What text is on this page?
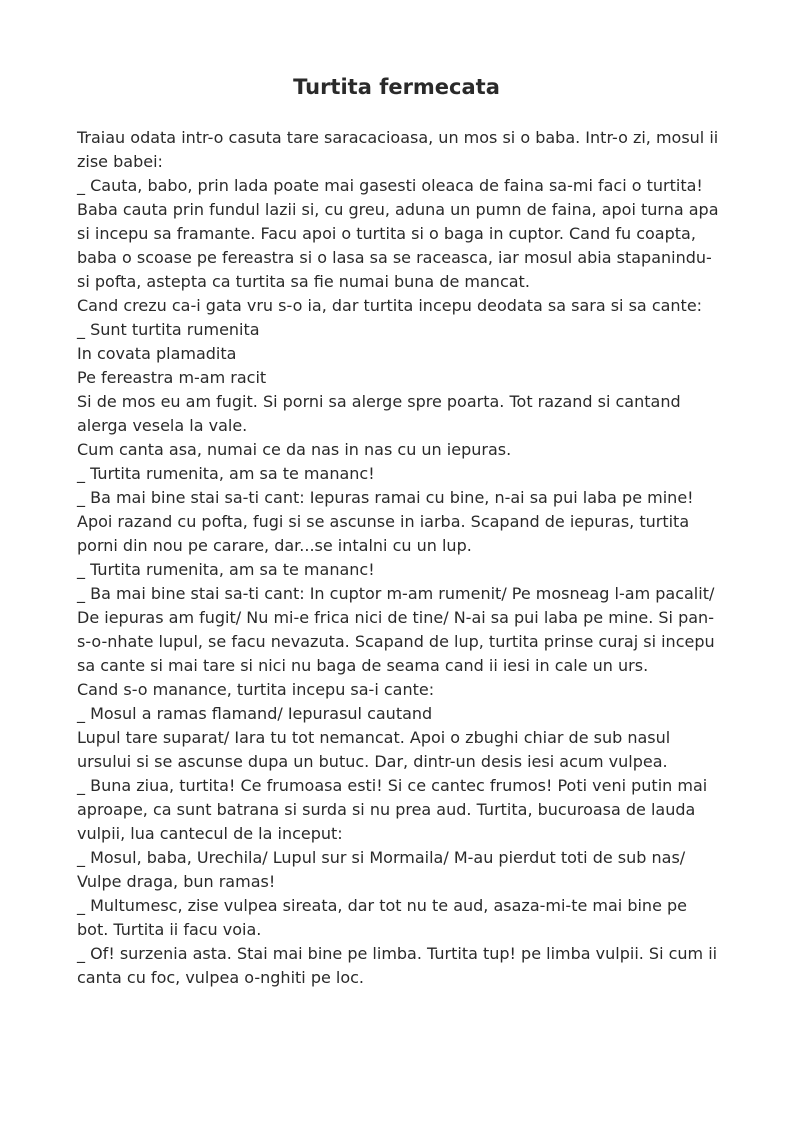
Turtita fermecata
Traiau odata intr-o casuta tare saracacioasa, un mos si o baba. Intr-o zi, mosul ii
zise babei:
_ Cauta, babo, prin lada poate mai gasesti oleaca de faina sa-mi faci o turtita!
Baba cauta prin fundul lazii si, cu greu, aduna un pumn de faina, apoi turna apa
si incepu sa framante. Facu apoi o turtita si o baga in cuptor. Cand fu coapta,
baba o scoase pe fereastra si o lasa sa se raceasca, iar mosul abia stapanindu-
si pofta, astepta ca turtita sa fie numai buna de mancat.
Cand crezu ca-i gata vru s-o ia, dar turtita incepu deodata sa sara si sa cante:
_ Sunt turtita rumenita
In covata plamadita
Pe fereastra m-am racit
Si de mos eu am fugit. Si porni sa alerge spre poarta. Tot razand si cantand
alerga vesela la vale.
Cum canta asa, numai ce da nas in nas cu un iepuras.
_ Turtita rumenita, am sa te mananc!
_ Ba mai bine stai sa-ti cant: Iepuras ramai cu bine, n-ai sa pui laba pe mine!
Apoi razand cu pofta, fugi si se ascunse in iarba. Scapand de iepuras, turtita
porni din nou pe carare, dar...se intalni cu un lup.
_ Turtita rumenita, am sa te mananc!
_ Ba mai bine stai sa-ti cant: In cuptor m-am rumenit/ Pe mosneag l-am pacalit/
De iepuras am fugit/ Nu mi-e frica nici de tine/ N-ai sa pui laba pe mine. Si pan-
s-o-nhate lupul, se facu nevazuta. Scapand de lup, turtita prinse curaj si incepu
sa cante si mai tare si nici nu baga de seama cand ii iesi in cale un urs.
Cand s-o manance, turtita incepu sa-i cante:
_ Mosul a ramas flamand/ Iepurasul cautand
Lupul tare suparat/ Iara tu tot nemancat. Apoi o zbughi chiar de sub nasul
ursului si se ascunse dupa un butuc. Dar, dintr-un desis iesi acum vulpea.
_ Buna ziua, turtita! Ce frumoasa esti! Si ce cantec frumos! Poti veni putin mai
aproape, ca sunt batrana si surda si nu prea aud. Turtita, bucuroasa de lauda
vulpii, lua cantecul de la inceput:
_ Mosul, baba, Urechila/ Lupul sur si Mormaila/ M-au pierdut toti de sub nas/
Vulpe draga, bun ramas!
_ Multumesc, zise vulpea sireata, dar tot nu te aud, asaza-mi-te mai bine pe
bot. Turtita ii facu voia.
_ Of! surzenia asta. Stai mai bine pe limba. Turtita tup! pe limba vulpii. Si cum ii
canta cu foc, vulpea o-nghiti pe loc.
